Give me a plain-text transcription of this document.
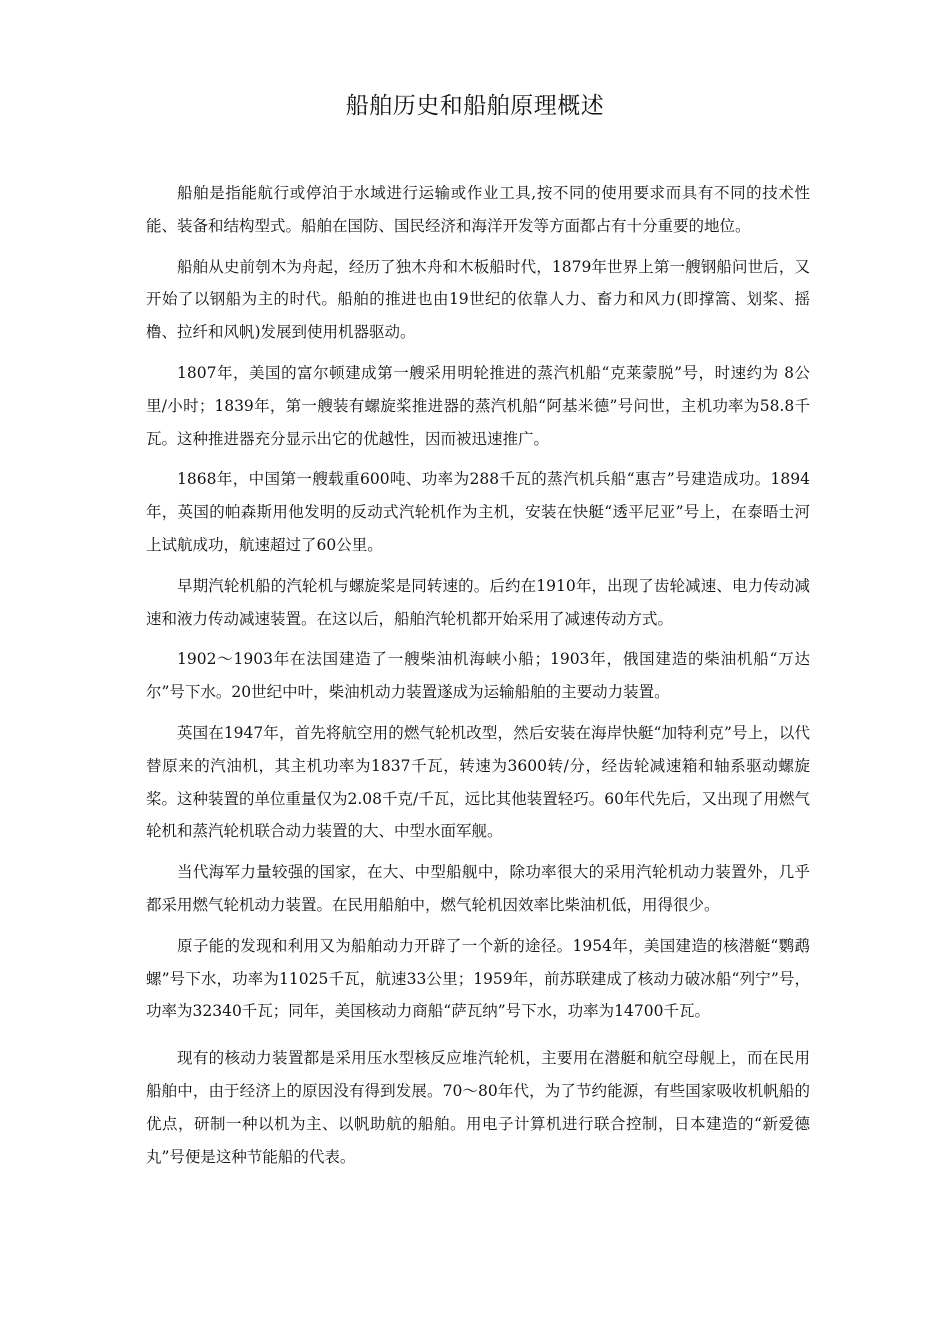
船舶历史和船舶原理概述

船舶是指能航行或停泊于水域进行运输或作业工具,按不同的使用要求而具有不同的技术性能、装备和结构型式。船舶在国防、国民经济和海洋开发等方面都占有十分重要的地位。

船舶从史前刳木为舟起，经历了独木舟和木板船时代，1879年世界上第一艘钢船问世后，又开始了以钢船为主的时代。船舶的推进也由19世纪的依靠人力、畜力和风力(即撑篙、划桨、摇橹、拉纤和风帆)发展到使用机器驱动。

1807年，美国的富尔顿建成第一艘采用明轮推进的蒸汽机船“克莱蒙脱”号，时速约为 8公里/小时；1839年，第一艘装有螺旋桨推进器的蒸汽机船“阿基米德”号问世，主机功率为58.8千瓦。这种推进器充分显示出它的优越性，因而被迅速推广。

1868年，中国第一艘载重600吨、功率为288千瓦的蒸汽机兵船“惠吉”号建造成功。1894年，英国的帕森斯用他发明的反动式汽轮机作为主机，安装在快艇“透平尼亚”号上，在泰晤士河上试航成功，航速超过了60公里。

早期汽轮机船的汽轮机与螺旋桨是同转速的。后约在1910年，出现了齿轮减速、电力传动减速和液力传动减速装置。在这以后，船舶汽轮机都开始采用了减速传动方式。

1902～1903年在法国建造了一艘柴油机海峡小船；1903年，俄国建造的柴油机船“万达尔”号下水。20世纪中叶，柴油机动力装置遂成为运输船舶的主要动力装置。

英国在1947年，首先将航空用的燃气轮机改型，然后安装在海岸快艇“加特利克”号上，以代替原来的汽油机，其主机功率为1837千瓦，转速为3600转/分，经齿轮减速箱和轴系驱动螺旋桨。这种装置的单位重量仅为2.08千克/千瓦，远比其他装置轻巧。60年代先后，又出现了用燃气轮机和蒸汽轮机联合动力装置的大、中型水面军舰。

当代海军力量较强的国家，在大、中型船舰中，除功率很大的采用汽轮机动力装置外，几乎都采用燃气轮机动力装置。在民用船舶中，燃气轮机因效率比柴油机低，用得很少。

原子能的发现和利用又为船舶动力开辟了一个新的途径。1954年，美国建造的核潜艇“鹦鹉螺”号下水，功率为11025千瓦，航速33公里；1959年，前苏联建成了核动力破冰船“列宁”号，功率为32340千瓦；同年，美国核动力商船“萨瓦纳”号下水，功率为14700千瓦。

现有的核动力装置都是采用压水型核反应堆汽轮机，主要用在潜艇和航空母舰上，而在民用船舶中，由于经济上的原因没有得到发展。70～80年代，为了节约能源，有些国家吸收机帆船的优点，研制一种以机为主、以帆助航的船舶。用电子计算机进行联合控制，日本建造的“新爱德丸”号便是这种节能船的代表。
